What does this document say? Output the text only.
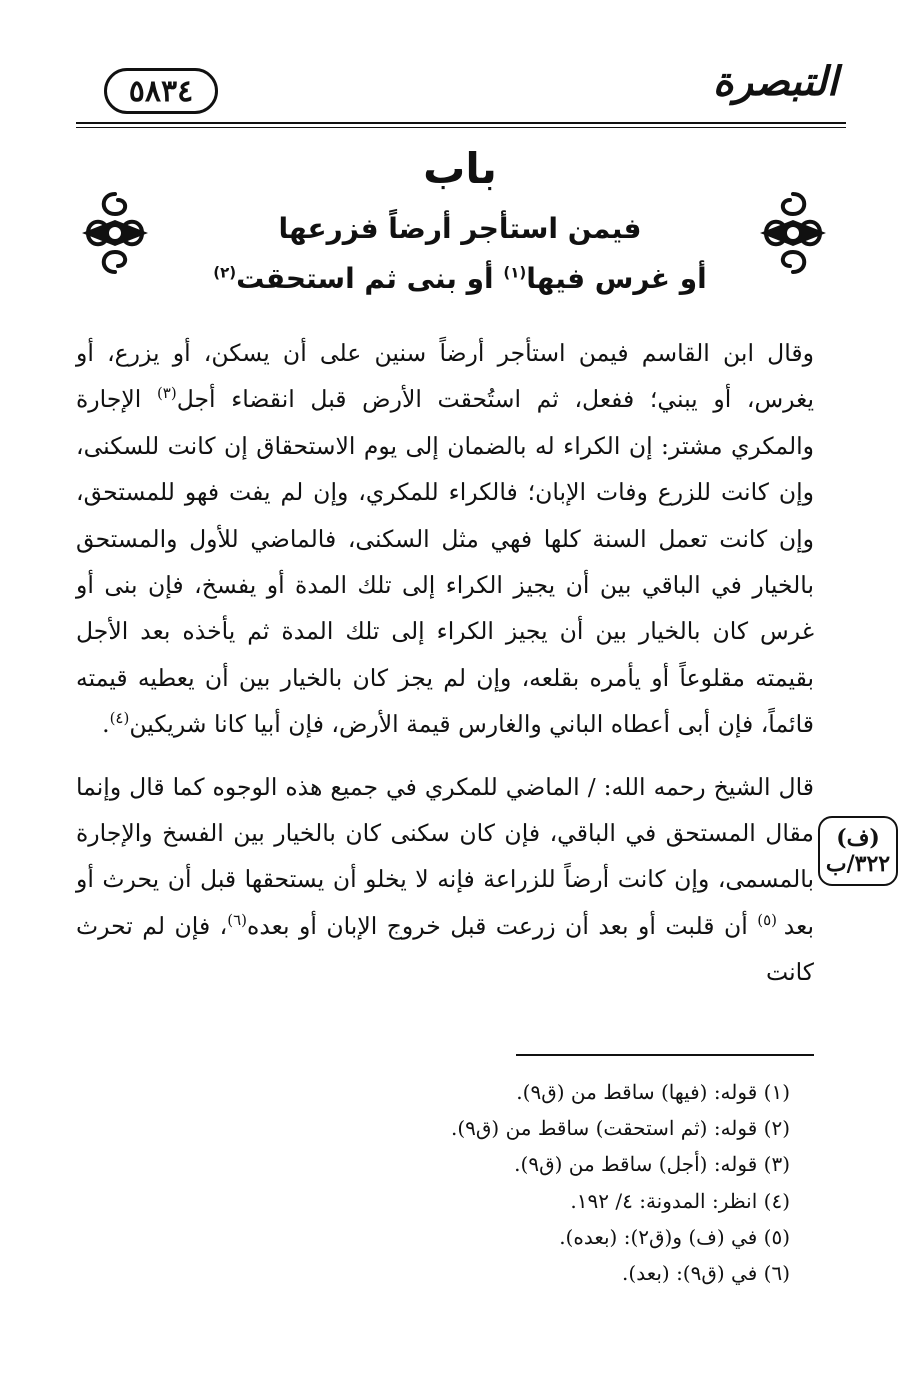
٥٨٣٤	التبصرة
باب
فيمن استأجر أرضاً فزرعها
أو غرس فيها$^{(١)}$ أو بنى ثم استحقت$^{(٢)}$

وقال ابن القاسم فيمن استأجر أرضاً سنين على أن يسكن، أو يزرع، أو يغرس، أو يبني؛ ففعل، ثم استُحقت الأرض قبل انقضاء أجل$^{(٣)}$ الإجارة والمكري مشتر: إن الكراء له بالضمان إلى يوم الاستحقاق إن كانت للسكنى، وإن كانت للزرع وفات الإبان؛ فالكراء للمكري، وإن لم يفت فهو للمستحق، وإن كانت تعمل السنة كلها فهي مثل السكنى، فالماضي للأول والمستحق بالخيار في الباقي بين أن يجيز الكراء إلى تلك المدة أو يفسخ، فإن بنى أو غرس كان بالخيار بين أن يجيز الكراء إلى تلك المدة ثم يأخذه بعد الأجل بقيمته مقلوعاً أو يأمره بقلعه، وإن لم يجز كان بالخيار بين أن يعطيه قيمته قائماً، فإن أبى أعطاه الباني والغارس قيمة الأرض، فإن أبيا كانا شريكين$^{(٤)}$.

قال الشيخ رحمه الله: / الماضي للمكري في جميع هذه الوجوه كما قال وإنما مقال المستحق في الباقي، فإن كان سكنى كان بالخيار بين الفسخ والإجارة بالمسمى، وإن كانت أرضاً للزراعة فإنه لا يخلو أن يستحقها قبل أن يحرث أو بعد $^{(٥)}$ أن قلبت أو بعد أن زرعت قبل خروج الإبان أو بعده$^{(٦)}$، فإن لم تحرث كانت

(ف)
٣٢٢/ب
(١) قوله: (فيها) ساقط من (ق٩).
(٢) قوله: (ثم استحقت) ساقط من (ق٩).
(٣) قوله: (أجل) ساقط من (ق٩).
(٤) انظر: المدونة: ٤/ ١٩٢.
(٥) في (ف) و(ق٢): (بعده).
(٦) في (ق٩): (بعد).
